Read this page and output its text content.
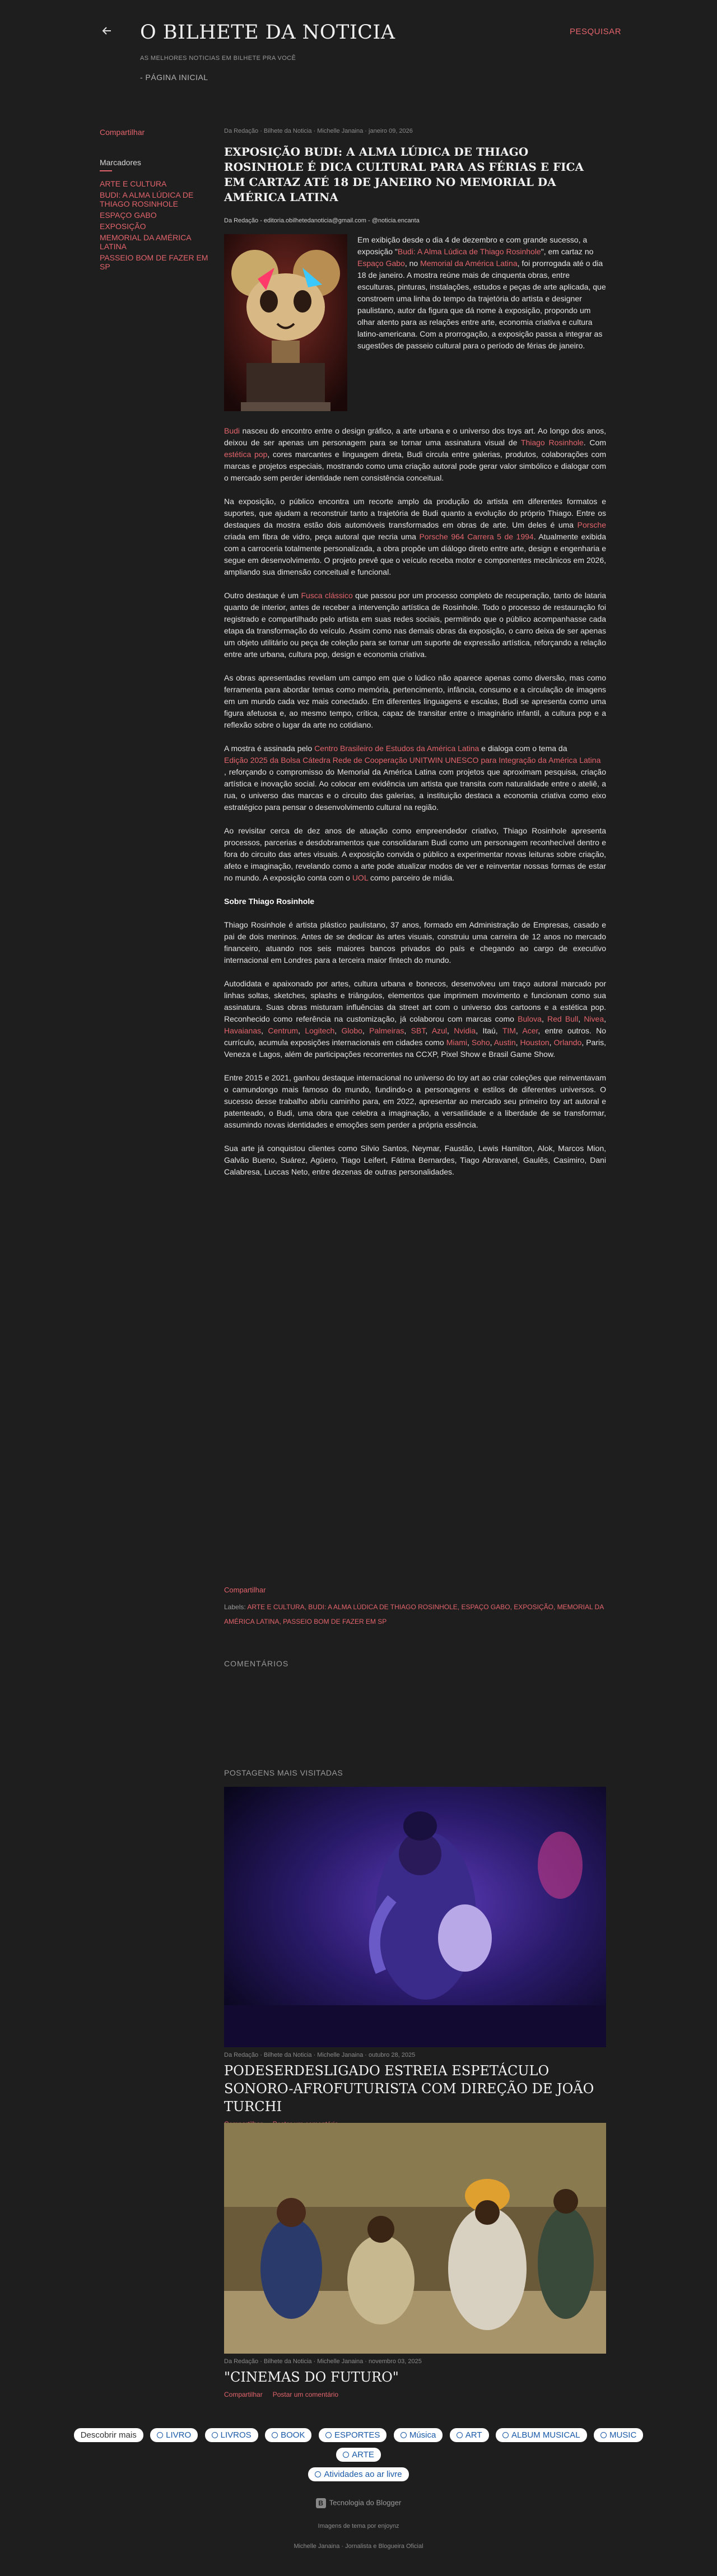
O BILHETE DA NOTICIA
AS MELHORES NOTICIAS EM BILHETE PRA VOCÊ
- PÁGINA INICIAL
PESQUISAR
Compartilhar
Marcadores
ARTE E CULTURA
BUDI: A ALMA LÚDICA DE THIAGO ROSINHOLE
ESPAÇO GABO
EXPOSIÇÃO
MEMORIAL DA AMÉRICA LATINA
PASSEIO BOM DE FAZER EM SP
Da Redação · Bilhete da Noticia · Michelle Janaina · janeiro 09, 2026
EXPOSIÇÃO BUDI: A ALMA LÚDICA DE THIAGO ROSINHOLE É DICA CULTURAL PARA AS FÉRIAS E FICA EM CARTAZ ATÉ 18 DE JANEIRO NO MEMORIAL DA AMÉRICA LATINA
Da Redação - editoria.obilhetedanoticia@gmail.com - @noticia.encanta
Em exibição desde o dia 4 de dezembro e com grande sucesso, a exposição "Budi: A Alma Lúdica de Thiago Rosinhole", em cartaz no Espaço Gabo, no Memorial da América Latina, foi prorrogada até o dia 18 de janeiro. A mostra reúne mais de cinquenta obras, entre esculturas, pinturas, instalações, estudos e peças de arte aplicada, que constroem uma linha do tempo da trajetória do artista e designer paulistano, autor da figura que dá nome à exposição, propondo um olhar atento para as relações entre arte, economia criativa e cultura latino-americana. Com a prorrogação, a exposição passa a integrar as sugestões de passeio cultural para o período de férias de janeiro.

Budi nasceu do encontro entre o design gráfico, a arte urbana e o universo dos toys art. Ao longo dos anos, deixou de ser apenas um personagem para se tornar uma assinatura visual de Thiago Rosinhole. Com estética pop, cores marcantes e linguagem direta, Budi circula entre galerias, produtos, colaborações com marcas e projetos especiais, mostrando como uma criação autoral pode gerar valor simbólico e dialogar com o mercado sem perder identidade nem consistência conceitual.

Na exposição, o público encontra um recorte amplo da produção do artista em diferentes formatos e suportes, que ajudam a reconstruir tanto a trajetória de Budi quanto a evolução do próprio Thiago. Entre os destaques da mostra estão dois automóveis transformados em obras de arte. Um deles é uma Porsche criada em fibra de vidro, peça autoral que recria uma Porsche 964 Carrera 5 de 1994. Atualmente exibida com a carroceria totalmente personalizada, a obra propõe um diálogo direto entre arte, design e engenharia e segue em desenvolvimento. O projeto prevê que o veículo receba motor e componentes mecânicos em 2026, ampliando sua dimensão conceitual e funcional.

Outro destaque é um Fusca clássico que passou por um processo completo de recuperação, tanto de lataria quanto de interior, antes de receber a intervenção artística de Rosinhole. Todo o processo de restauração foi registrado e compartilhado pelo artista em suas redes sociais, permitindo que o público acompanhasse cada etapa da transformação do veículo. Assim como nas demais obras da exposição, o carro deixa de ser apenas um objeto utilitário ou peça de coleção para se tornar um suporte de expressão artística, reforçando a relação entre arte urbana, cultura pop, design e economia criativa.

As obras apresentadas revelam um campo em que o lúdico não aparece apenas como diversão, mas como ferramenta para abordar temas como memória, pertencimento, infância, consumo e a circulação de imagens em um mundo cada vez mais conectado. Em diferentes linguagens e escalas, Budi se apresenta como uma figura afetuosa e, ao mesmo tempo, crítica, capaz de transitar entre o imaginário infantil, a cultura pop e a reflexão sobre o lugar da arte no cotidiano.

A mostra é assinada pelo Centro Brasileiro de Estudos da América Latina e dialoga com o tema da
Edição 2025 da Bolsa Cátedra Rede de Cooperação UNITWIN UNESCO para Integração da América Latina
, reforçando o compromisso do Memorial da América Latina com projetos que aproximam pesquisa, criação artística e inovação social. Ao colocar em evidência um artista que transita com naturalidade entre o ateliê, a rua, o universo das marcas e o circuito das galerias, a instituição destaca a economia criativa como eixo estratégico para pensar o desenvolvimento cultural na região.

Ao revisitar cerca de dez anos de atuação como empreendedor criativo, Thiago Rosinhole apresenta processos, parcerias e desdobramentos que consolidaram Budi como um personagem reconhecível dentro e fora do circuito das artes visuais. A exposição convida o público a experimentar novas leituras sobre criação, afeto e imaginação, revelando como a arte pode atualizar modos de ver e reinventar nossas formas de estar no mundo. A exposição conta com o UOL como parceiro de mídia.

Sobre Thiago Rosinhole

Thiago Rosinhole é artista plástico paulistano, 37 anos, formado em Administração de Empresas, casado e pai de dois meninos. Antes de se dedicar às artes visuais, construiu uma carreira de 12 anos no mercado financeiro, atuando nos seis maiores bancos privados do país e chegando ao cargo de executivo internacional em Londres para a terceira maior fintech do mundo.

Autodidata e apaixonado por artes, cultura urbana e bonecos, desenvolveu um traço autoral marcado por linhas soltas, sketches, splashs e triângulos, elementos que imprimem movimento e funcionam como sua assinatura. Suas obras misturam influências da street art com o universo dos cartoons e a estética pop. Reconhecido como referência na customização, já colaborou com marcas como Bulova, Red Bull, Nivea, Havaianas, Centrum, Logitech, Globo, Palmeiras, SBT, Azul, Nvidia, Itaú, TIM, Acer, entre outros. No currículo, acumula exposições internacionais em cidades como Miami, Soho, Austin, Houston, Orlando, Paris, Veneza e Lagos, além de participações recorrentes na CCXP, Pixel Show e Brasil Game Show.

Entre 2015 e 2021, ganhou destaque internacional no universo do toy art ao criar coleções que reinventavam o camundongo mais famoso do mundo, fundindo-o a personagens e estilos de diferentes universos. O sucesso desse trabalho abriu caminho para, em 2022, apresentar ao mercado seu primeiro toy art autoral e patenteado, o Budi, uma obra que celebra a imaginação, a versatilidade e a liberdade de se transformar, assumindo novas identidades e emoções sem perder a própria essência.

Sua arte já conquistou clientes como Silvio Santos, Neymar, Faustão, Lewis Hamilton, Alok, Marcos Mion, Galvão Bueno, Suárez, Agüero, Tiago Leifert, Fátima Bernardes, Tiago Abravanel, Gaulês, Casimiro, Dani Calabresa, Luccas Neto, entre dezenas de outras personalidades.

Compartilhar
Labels: ARTE E CULTURA, BUDI: A ALMA LÚDICA DE THIAGO ROSINHOLE, ESPAÇO GABO, EXPOSIÇÃO, MEMORIAL DA AMÉRICA LATINA, PASSEIO BOM DE FAZER EM SP
COMENTÁRIOS
POSTAGENS MAIS VISITADAS
Da Redação · Bilhete da Noticia · Michelle Janaina · outubro 28, 2025
PODESERDESLIGADO ESTREIA ESPETÁCULO SONORO-AFROFUTURISTA COM DIREÇÃO DE JOÃO TURCHI
Da Redação · Bilhete da Noticia · Michelle Janaina · novembro 03, 2025
"CINEMAS DO FUTURO"
Compartilhar Postar um comentário
Descobrir mais	LIVRO	LIVROS	BOOK	ESPORTES	Música	ART	ALBUM MUSICAL	MUSIC ARTE
Atividades ao ar livre
B Tecnologia do Blogger
Imagens de tema por enjoynz
Michelle Janaina · Jornalista e Blogueira Oficial
